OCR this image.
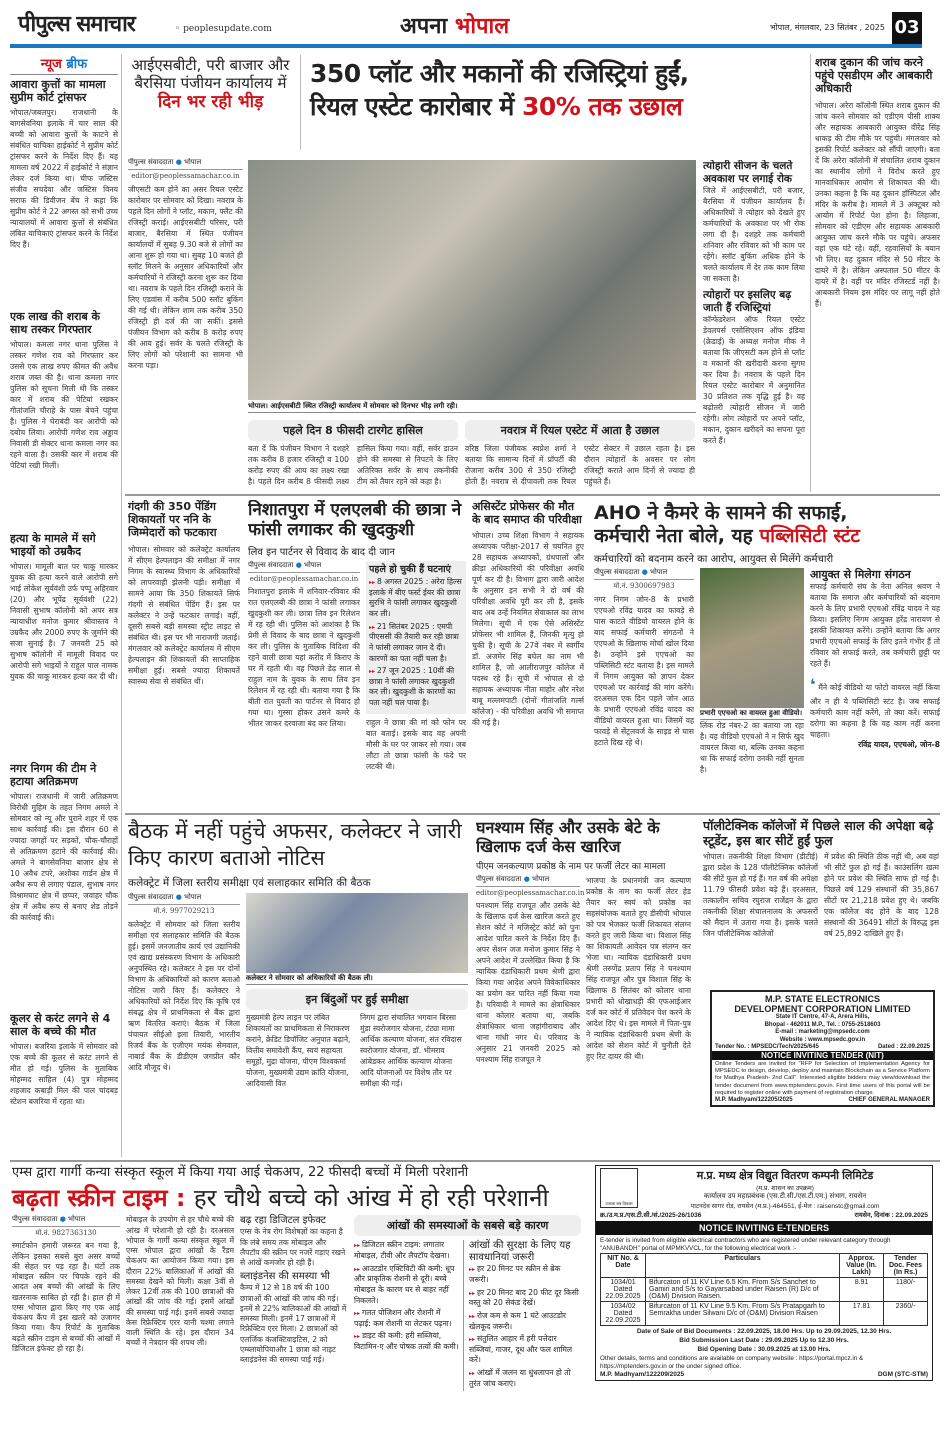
पीपुल्स समाचार	◦ peoplesupdate.com	अपना भोपाल	भोपाल, मंगलवार, 23 सितंबर , 2025 03
न्यूज ब्रीफ
आवारा कुत्तों का मामला सुप्रीम कोर्ट ट्रांसफर
भोपाल/जबलपुर। राजधानी के बागसेवनिया इलाके में चार साल की बच्ची को आवारा कुत्तों के काटने से संबंधित याचिका हाईकोर्ट ने सुप्रीम कोर्ट ट्रांसफर करने के निर्देश दिए हैं। यह मामला वर्ष 2022 में हाईकोर्ट ने संज्ञान लेकर दर्ज किया था। चीफ जस्टिस संजीव सचदेवा और जस्टिस विनय सराफ की डिवीजन बेंच ने कहा कि सुप्रीम कोर्ट ने 22 अगस्त को सभी उच्च न्यायालयों में आवारा कुत्तों से संबंधित लंबित याचिकाएं ट्रांसफर करने के निर्देश दिए हैं।
एक लाख की शराब के साथ तस्कर गिरफ्तार
भोपाल। कमला नगर थाना पुलिस ने तस्कर गणेश राव को गिरफ्तार कर उससे एक लाख रुपए कीमत की अवैध शराब जब्त की है। थाना कमला नगर पुलिस को सूचना मिली थी कि तस्कर कार में शराब की पेटियां रखकर गीतांजलि चौराहे के पास बेचने पहुंचा है। पुलिस ने घेराबंदी कर आरोपी को दबोच लिया। आरोपी गणेश राव अड्डाव निवासी डी सेक्टर थाना कमला नगर का रहने वाला है। उसकी कार में शराब की पेटियां रखी मिलीं।
हत्या के मामले में सगे भाइयों को उम्रकैद
भोपाल। मामूली बात पर चाकू मारकर युवक की हत्या करने वाले आरोपी सगे भाई लोकेश सूर्यवंशी उर्फ पप्पू अहिरवार (20) और भूपेंद्र सूर्यवंशी (22) निवासी सुभाष कॉलोनी को अपर सत्र न्यायाधीश मनोज कुमार श्रीवास्तव ने उम्रकैद और 2000 रुपए के जुर्माने की सजा सुनाई है। 7 जनवरी 25 को सुभाष कॉलोनी में मामूली विवाद पर आरोपी सगे भाइयों ने राहुल पाल नामक युवक की चाकू मारकर हत्या कर दी थी।
नगर निगम की टीम ने हटाया अतिक्रमण
भोपाल। राजधानी में जारी अतिक्रमण विरोधी मुहिम के तहत निगम अमले ने सोमवार को न्यू और पुराने शहर में एक साथ कार्रवाई की। इस दौरान 60 से ज्यादा जगहों पर सड़कों, चौक-चौराहों से अतिक्रमण हटाने की कार्रवाई की। अमले ने बागसेवनिया बाजार क्षेत्र से 10 अवैध टपरे, अशोका गार्डन क्षेत्र में अवैध रूप से लगाए पंडाल, सुभाष नगर विश्रामघाट क्षेत्र में छप्पर, जवाहर चौक क्षेत्र में अवैध रूप से बनाए शेड तोड़ने की कार्रवाई की।
कूलर से करंट लगने से 4 साल के बच्चे की मौत
भोपाल। बजरिया इलाके में सोमवार को एक बच्चे की कूलर से करंट लगने से मौत हो गई। पुलिस के मुताबिक मोहम्मद साहिल (4) पुत्र मोहम्मद शहजाद कबाड़ी मिल की पाल चांदबड़ स्टेशन बजरिया में रहता था।
आईएसबीटी, परी बाजार और बैरसिया पंजीयन कार्यालय में
दिन भर रही भीड़
350 प्लॉट और मकानों की रजिस्ट्रियां हुईं,
रियल एस्टेट कारोबार में 30% तक उछाल
पीपुल्स संवाददाता ● भोपाल
editor@peoplessamachar.co.in
जीएसटी कम होने का असर रियल एस्टेट कारोबार पर सोमवार को दिखा। नवरात्र के पहले दिन लोगों ने प्लॉट, मकान, फ्लैट की रजिस्ट्री कराई। आईएसबीटी परिसर, परी बाजार, बैरसिया में स्थित पंजीयन कार्यालयों में सुबह 9.30 बजे से लोगों का आना शुरू हो गया था। सुबह 10 बजते ही स्लॉट मिलने के अनुसार अधिकारियों और कर्मचारियों ने रजिस्ट्री करना शुरू कर दिया था। नवरात्र के पहले दिन रजिस्ट्री कराने के लिए एडवांस में करीब 500 स्लॉट बुकिंग की गई थी। लेकिन शाम तक करीब 350 रजिस्ट्री ही दर्ज की जा सकीं। इससे पंजीयन विभाग को करीब 8 करोड़ रुपए की आय हुई। सर्वर के चलते रजिस्ट्री के लिए लोगों को परेशानी का सामना भी करना पड़ा।
भोपाल। आईएसबीटी स्थित रजिस्ट्री कार्यालय में सोमवार को दिनभर भीड़ लगी रही।
पहले दिन 8 फीसदी टारगेट हासिल
बता दें कि पंजीयन विभाग ने दशहरे तक करीब 8 हजार रजिस्ट्री व 100 करोड़ रुपए की आय का लक्ष्य रखा है। पहले दिन करीब 8 फीसदी लक्ष्य हासिल किया गया। वहीं, सर्वर डाउन होने की समस्या से निपटने के लिए अतिरिक्त सर्वर के साथ तकनीकी टीम को तैयार रहने को कहा है।
नवरात्र में रियल एस्टेट में आता है उछाल
वरिष्ठ जिला पंजीयक स्वप्नेश शर्मा ने बताया कि सामान्य दिनों में प्रॉपर्टी की रोजाना करीब 300 से 350 रजिस्ट्री होती हैं। नवरात्र से दीपावली तक रियल एस्टेट सेक्टर में उछाल रहता है। इस दौरान त्योहारों के अवसर पर लोग रजिस्ट्री कराते आम दिनों से ज्यादा ही पहुंचते हैं।
त्योहारी सीजन के चलते अवकाश पर लगाई रोक
जिले में आईएसबीटी, परी बजार, बैरसिया में पंजीयन कार्यालय हैं। अधिकारियों ने त्योहार को देखते हुए कर्मचारियों के अवकाश पर भी रोक लगा दी है। दशहरे तक कर्मचारी शनिवार और रविवार को भी काम पर रहेंगे। स्लॉट बुकिंग अधिक होने के चलते कार्यालय में देर तक काम लिया जा सकता है।
त्योहारों पर इसलिए बढ़ जाती हैं रजिस्ट्रियां
कॉन्फेडरेशन ऑफ रियल एस्टेट डेवलपर्स एसोसिएशन ऑफ इंडिया (क्रेडाई) के अध्यक्ष मनोज मीक ने बताया कि जीएसटी कम होने से प्लॉट व मकानों की खरीदारी करना सुगम कर दिया है। नवरात्र के पहले दिन रियल एस्टेट कारोबार में अनुमानित 30 प्रतिशत तक वृद्धि हुई है। वह बढ़ोतरी त्योहारी सीजन में जारी रहेगी। लोग त्योहारों पर अपने प्लॉट, मकान, दुकान खरीदने का सपना पूरा करते हैं।
शराब दुकान की जांच करने पहुंचे एसडीएम और आबकारी अधिकारी
भोपाल। अरेरा कॉलोनी स्थित शराब दुकान की जांच करने सोमवार को एडीएम पीसी शाक्य और सहायक आबकारी आयुक्त वीरेंद्र सिंह धाकड़ की टीम मौके पर पहुंची। मंगलवार को इसकी रिपोर्ट कलेक्टर को सौंपी जाएगी। बता दें कि अरेरा कॉलोनी में संचालित शराब दुकान का स्थानीय लोगों ने विरोध करते हुए मानवाधिकार आयोग से शिकायत की थी। उनका कहना है कि यह दुकान हॉस्पिटल और मंदिर के करीब है। मामले में 3 अक्टूबर को आयोग में रिपोर्ट पेश होना है। लिहाजा, सोमवार को एडीएम और सहायक आबकारी आयुक्त जांच करने मौके पर पहुंचे। अफसर वहां एक घंटे रहे। वहीं, रहवासियों के बयान भी लिए। यह दुकान मंदिर से 50 मीटर के दायरे में है। लेकिन अस्पताल 50 मीटर के दायरे में है। वहीं पर मंदिर रजिस्टर्ड नहीं है। आबकारी नियम इस मंदिर पर लागू नहीं होते हैं।
गंदगी की 350 पेंडिंग शिकायतों पर ननि के जिम्मेदारों को फटकारा
भोपाल। सोमवार को कलेक्ट्रेट कार्यालय में सीएम हेल्पलाइन की समीक्षा में नगर निगम के स्वास्थ्य विभाग के अधिकारियों को लापरवाही झेलनी पड़ी। समीक्षा में सामने आया कि 350 शिकायतें सिर्फ गंदगी से संबंधित पेंडिंग हैं। इस पर कलेक्टर ने उन्हें फटकार लगाई। वहीं, दूसरी सबसे बड़ी समस्या स्ट्रीट लाइट से संबंधित थी। इस पर भी नाराजगी जताई। मंगलवार को कलेक्ट्रेट कार्यालय में सीएम हेल्पलाइन की शिकायतों की साप्ताहिक समीक्षा हुई। सबसे ज्यादा शिकायतें स्वास्थ्य सेवा से संबंधित थीं।
निशातपुरा में एलएलबी की छात्रा ने फांसी लगाकर की खुदकुशी
लिव इन पार्टनर से विवाद के बाद दी जान
पीपुल्स संवाददाता ● भोपाल
editor@peoplessamachar.co.in
निशातपुरा इलाके में शनिवार-रविवार की रात एलएलबी की छात्रा ने फांसी लगाकर खुदकुशी कर ली। छात्रा लिव इन रिलेशन में रह रही थी। पुलिस को आशंका है कि प्रेमी से विवाद के बाद छात्रा ने खुदकुशी कर ली। पुलिस के मुताबिक विदिशा की रहने वाली छात्रा यहां करोंद में किराए के घर में रहती थी। वह पिछले डेढ़ साल से राहुल नाम के युवक के साथ लिव इन रिलेशन में रह रही थी। बताया गया है कि बीती रात युवती का पार्टनर से विवाद हो गया था। गुस्सा होकर उसने कमरे के भीतर जाकर दरवाजा बंद कर लिया।
पहले हो चुकी हैं घटनाएं
▸▸ 8 अगस्त 2025 : अरेरा हिल्स इलाके में बीए फर्स्ट ईयर की छात्रा सुरभि ने फांसी लगाकर खुदकुशी कर ली।
▸▸ 21 सितंबर 2025 : एमपी पीएससी की तैयारी कर रही छात्रा ने फांसी लगाकर जान दे दी। कारणों का पता नहीं चला है।
▸▸ 27 जून 2025 : 10वीं की छात्रा ने फांसी लगाकर खुदकुशी कर ली। खुदकुशी के कारणों का पता नहीं चल पाया है।
राहुल ने छात्रा की मां को फोन पर बात बताई। इसके बाद वह अपनी मौसी के घर पर जाकर सो गया। जब लौटा तो छात्रा फांसी के फंदे पर लटकी थी।
असिस्टेंट प्रोफेसर की मौत के बाद समाप्त की परिवीक्षा
भोपाल। उच्च शिक्षा विभाग ने सहायक अध्यापक परीक्षा-2017 से चयनित हुए 28 सहायक अध्यापकों, ग्रंथपालों और क्रीड़ा अधिकारियों की परिवीक्षा अवधि पूर्ण कर दी है। विभाग द्वारा जारी आदेश के अनुसार इन सभी ने दो वर्ष की परिवीक्षा अवधि पूरी कर ली है, इसके बाद अब उन्हें नियमित सेवाकाल का लाभ मिलेगा। सूची में एक ऐसे असिस्टेंट प्रोफेसर भी शामिल हैं, जिनकी मृत्यु हो चुकी है। सूची के 27वें नंबर में स्वर्गीय डॉ. अजमेर सिंह बघेल का नाम भी शामिल है, जो आलीराजपुर कॉलेज में पदस्थ रहे हैं। सूची में भोपाल से दो सहायक अध्यापक नीता माहोर और नरेश बाबू मल्लमपाटी (दोनों गीतांजलि गर्ल्स कॉलेज) - की परिवीक्षा अवधि भी समाप्त की गई है।
AHO ने कैमरे के सामने की सफाई,
कर्मचारी नेता बोले, यह पब्लिसिटी स्टंट
कर्मचारियों को बदनाम करने का आरोप, आयुक्त से मिलेंगे कर्मचारी
पीपुल्स संवाददाता ● भोपाल
मो.नं. 9300697983
नगर निगम जोन-8 के प्रभारी एएचओ रविंद्र यादव का फावड़े से घास काटते वीडियो वायरल होने के बाद सफाई कर्मचारी संगठनों ने एएचओ के खिलाफ मोर्चा खोल दिया है। उन्होंने इसे एएचओ का पब्लिसिटी स्टंट बताया है। इस मामले में निगम आयुक्त को ज्ञापन देकर एएचओ पर कार्रवाई की मांग करेंगे। दरअसल एक दिन पहले जोन आठ के प्रभारी एएचओ रविंद्र यादव का वीडियो वायरल हुआ था। जिसमें वह फावड़े से सेंट्रलवर्ज के साइड से घास हटाते दिख रहे थे।
प्रभारी एएचओ का वायरल हुआ वीडियो।
लिंक रोड नंबर-2 का बताया जा रहा है। यह वीडियो एएचओ ने न सिर्फ खुद वायरल किया था, बल्कि उनका कहना था कि सफाई दरोगा उनकी नहीं सुनता है।
आयुक्त से मिलेगा संगठन
सफाई कर्मचारी संघ के नेता अनिल श्रवण ने बताया कि समाज और कर्मचारियों को बदनाम करने के लिए प्रभारी एएचओ रविंद्र यादव ने यह किया। इसलिए निगम आयुक्त हरेंद्र नारायण से इसकी शिकायत करेंगे। उन्होंने बताया कि अगर प्रभारी एएचओ सफाई के लिए इतने गंभीर हैं तो रविवार को सफाई करते, तब कर्मचारी छुट्टी पर रहते हैं।
❛ मैंने कोई वीडियो या फोटो वायरल नहीं किया और न ही ये पब्लिसिटी स्टंट है। जब सफाई कर्मचारी काम नहीं करेंगे, तो क्या करें। सफाई दरोगा का कहना है कि वह काम नहीं करना चाहता।
रविंद्र यादव, एएचओ, जोन-8
बैठक में नहीं पहुंचे अफसर, कलेक्टर ने जारी किए कारण बताओ नोटिस
कलेक्ट्रेट में जिला स्तरीय समीक्षा एवं सलाहकार समिति की बैठक
पीपुल्स संवाददाता ● भोपाल
मो.नं. 9977029213
कलेक्ट्रेट में सोमवार को जिला स्तरीय समीक्षा एवं सलाहकार समिति की बैठक हुई। इसमें जनजातीय कार्य एवं उद्यानिकी एवं खाद्य प्रसंस्करण विभाग के अधिकारी अनुपस्थित रहे। कलेक्टर ने इस पर दोनों विभाग के अधिकारियों को कारण बताओ नोटिस जारी किए हैं। कलेक्टर ने अधिकारियों को निर्देश दिए कि कृषि एवं संबद्ध क्षेत्र में प्राथमिकता से बैंक द्वारा ऋण वितरित कराएं। बैठक में जिला पंचायत सीईओ इला तिवारी, भारतीय रिजर्व बैंक के एजीएम मयंक सेमवाल, नाबार्ड बैंक के डीडीएम जगप्रीत कौर आदि मौजूद थे।
कलेक्टर ने सोमवार को अधिकारियों की बैठक ली।
इन बिंदुओं पर हुई समीक्षा
मुख्यमंत्री हेल्प लाइन पर लंबित शिकायतों का प्राथमिकता से निराकरण कराने, क्रेडिट डिपॉजिट अनुपात बढ़ाने, वित्तीय समावेशी कैंप, स्वयं सहायता समूहों, मुद्रा योजना, पीएम विश्वकर्मा योजना, मुख्यमंत्री उद्यम क्रांति योजना, आदिवासी वित
निगम द्वारा संचालित भगवान बिरसा मुंडा स्वरोजगार योजना, टंट्या मामा आर्थिक कल्याण योजना, संत रविदास स्वरोजगार योजना, डॉ. भीमराव आंबेडकर आर्थिक कल्याण योजना आदि योजनाओं पर विशेष तौर पर समीक्षा की गई।
घनश्याम सिंह और उसके बेटे के खिलाफ दर्ज केस खारिज
पीएम जनकल्याण प्रकोष्ठ के नाम पर फर्जी लेटर का मामला
पीपुल्स संवाददाता ● भोपाल
editor@peoplessamachar.co.in
घनश्याम सिंह राजपूत और उसके बेटे के खिलाफ दर्ज केस खारिज करते हुए सेशन कोर्ट ने मजिस्ट्रेट कोर्ट को पुनः आदेश पारित करने के निर्देश दिए हैं। अपर सेशन जज मनोज कुमार सिंह ने अपने आदेश में उल्लेखित किया है कि न्यायिक दंडाधिकारी प्रथम श्रेणी द्वारा किया गया आदेश अपने विवेकाधिकार का प्रयोग कर पारित नहीं किया गया है। परिवादी ने मामले का क्षेत्राधिकार थाना कोलार बताया था, जबकि क्षेत्राधिकार थाना जहांगीराबाद और थाना गांधी नगर थे। परिवाद के अनुसार 21 जनवरी 2025 को घनश्याम सिंह राजपूत ने
भाजपा के प्रधानमंत्री जन कल्याण प्रकोष्ठ के नाम का फर्जी लेटर हेड तैयार कर स्वयं को प्रकोष्ठ का सहसंयोजक बताते हुए डीसीपी भोपाल को पत्र भेजकर फर्जी शिकायत संलग्न करते हुए जारी किया था। विशाल सिंह का शिकायती आवेदन पत्र संलग्न कर भेजा था। न्यायिक दंडाधिकारी प्रथम श्रेणी तरुणेंद्र प्रताप सिंह ने घनश्याम सिंह राजपूत और पुत्र विशाल सिंह के खिलाफ 8 सितंबर को कोलार थाना प्रभारी को धोखाधड़ी की एफआईआर दर्ज कर कोर्ट में प्रतिवेदन पेश करने के आदेश दिए थे। इस मामले में पिता-पुत्र ने न्यायिक दंडाधिकारी प्रथम श्रेणी के आदेश को सेशन कोर्ट में चुनौती देते हुए रिट दायर की थी।
पॉलीटेक्निक कॉलेजों में पिछले साल की अपेक्षा बढ़े स्टूडेंट, इस बार सीटें हुईं फुल
भोपाल। तकनीकी शिक्षा विभाग (डीटीई) द्वारा प्रदेश के 128 पॉलीटेक्निक कॉलेजों की सीटें फुल हो गई हैं। गत वर्ष की अपेक्षा 11.79 फीसदी प्रवेश बढ़े हैं। दरअसल, तत्कालीन सचिव रघुराज राजेंद्रन के द्वारा तकनीकी शिक्षा संचालनालय के अफसरों को मैदान में उतारा गया है। इसके चलते जिन पॉलीटेक्निक कॉलेजों
में प्रवेश की स्थिति ठीक नहीं थी, अब वहां भी सीटें फुल हो गई हैं। काउंसलिंग खत्म होने पर प्रवेश की स्थिति साफ हो गई है। पिछले वर्ष 129 संस्थानों की 35,867 सीटों पर 21,218 प्रवेश हुए थे। जबकि एक कॉलेज बंद होने के बाद 128 संस्थानों की 36491 सीटों के विरुद्ध इस वर्ष 25,892 दाखिले हुए हैं।
M.P. STATE ELECTRONICS
DEVELOPMENT CORPORATION LIMITED
State IT Centre, 47-A, Arera Hills,
Bhopal - 462011 M.P., Tel. : 0755-2518603
E-mail : marketing@mpsedc.com
Website : www.mpsedc.gov.in
Tender No. : MPSEDC/Tech/2025/645	Dated : 22.09.2025
NOTICE INVITING TENDER (NIT)
Online Tenders are invited for "RFP for Selection of Implementation Agency for MPSEDC to design, develop, deploy and maintain Blockchain as a Service Platform for Madhya Pradesh- 2nd Call". Interested eligible bidders may view/download the tender document from www.mptenders.gov.in. First time users of this portal will be required to register online with payment of registration charge.
M.P. Madhyam/122205/2025	CHIEF GENERAL MANAGER
एम्स द्वारा गार्गी कन्या संस्कृत स्कूल में किया गया आई चेकअप, 22 फीसदी बच्चों में मिली परेशानी
बढ़ता स्क्रीन टाइम : हर चौथे बच्चे को आंख में हो रही परेशानी
पीपुल्स संवाददाता ● भोपाल
मो.नं. 9827363130
स्मार्टफोन हमारी जरूरत बन गया है, लेकिन इसका सबसे बुरा असर बच्चों की सेहत पर पड़ रहा है। घंटों तक मोबाइल स्क्रीन पर चिपके रहने की आदत अब बच्चों की आंखों के लिए खतरनाक साबित हो रही है। हाल ही में एम्स भोपाल द्वारा किए गए एक आई चेकअप कैंप में इस खतरे को उजागर किया गया। कैंप रिपोर्ट के मुताबिक बढ़ते स्क्रीन टाइम से बच्चों की आंखों में डिजिटल इफेक्ट हो रहा है।
मोबाइल के उपयोग से हर चौथे बच्चे की आंख में परेशानी हो रही है। दरअसल भोपाल के गार्गी कन्या संस्कृत स्कूल में एम्स भोपाल द्वारा आंखों के रैंडम चेकअप का आयोजन किया गया। इस दौरान 22% बालिकाओं में आंखों की समस्या देखने को मिली। कक्षा 3वीं से लेकर 12वीं तक की 100 छात्राओं की आंखों की जांच की गई। इसमें आंखों की समस्या पाई गई। इनमें सबसे ज्यादा केस रिफ्रेक्टिव एरर यानी चश्मा लगाने वाली स्थिति के रहे। इस दौरान 34 बच्चों ने नेत्रदान की शपथ ली।
बढ़ रहा डिजिटल इफेक्ट
एम्स के नेत्र रोग विशेषज्ञों का कहना है कि लंबे समय तक मोबाइल और लैपटॉप की स्क्रीन पर नजरें गड़ाए रखने से आंखें कमजोर हो रही हैं।
ब्लाइंडनेस की समस्या भी
कैम्प में 12 से 18 वर्ष की 100 छात्राओं की आंखों की जांच की गई। इनमें से 22% बालिकाओं की आंखों में समस्या मिली। इनमें 17 छात्राओं में रिफ्रेक्टिव एरर मिला। 2 छात्राओं को एलर्जिक कंजक्टिवाइटिस, 2 को एम्ब्लायोपियाऔर 1 छात्रा को नाइट ब्लाइंडनेस की समस्या पाई गई।
आंखों की समस्याओं के सबसे बड़े कारण
▸▸ डिजिटल स्क्रीन टाइम: लगातार मोबाइल, टीवी और लैपटॉप देखना।
▸▸ आउटडोर एक्टिविटी की कमी: धूप और प्राकृतिक रोशनी से दूरी। बच्चे मोबाइल के कारण घर से बाहर नहीं निकलते।
▸▸ गलत पोजिशन और रोशनी में पढ़ाई: कम रोशनी या लेटकर पढ़ना।
▸▸ डाइट की कमी: हरी सब्जियां, विटामिन-ए और पोषक तत्वों की कमी।
आंखों की सुरक्षा के लिए यह सावधानियां जरूरी
▸▸ हर 20 मिनट पर स्क्रीन से ब्रेक जरूरी।
▸▸ हर 20 मिनट बाद 20 फीट दूर किसी वस्तु को 20 सेकंड देखें।
▸▸ रोज कम से कम 1 घंटे आउटडोर खेलकूद जरूरी।
▸▸ संतुलित आहार में हरी पत्तेदार सब्जियां, गाजर, दूध और फल शामिल करें।
▸▸ आंखों में जलन या धुंधलापन हो तो तुरंत जांच कराएं।
उजाला सब विकास
म.प्र. मध्य क्षेत्र विद्युत वितरण कम्पनी लिमिटेड
(म.प्र. शासन का उपक्रम)
कार्यालय उप महाप्रबंधक (एस.टी.सी./एस.टी.एम.) संभाग, रायसेन
पाटनदेव सागर रोड, रायसेन (म.प्र.)-464551, ई-मेल : raisenstc@gmail.com
क्र./उ.म.प्र./एस.टी.सी./सं./2025-26/1036	रायसेन, दिनांक : 22.09.2025
NOTICE INVITING E-TENDERS
E-tender is invited from eligible electrical contractors who are registered under relevant category through "ANUBANDH" portal of MPMKVVCL, for the following electrical work :-
NIT No. & Date	Particulars	Approx. Value (In. Lakh)	Tender Doc. Fees (In Rs.)
1034/01 Dated 22.09.2025	Bifurcaton of 11 KV Line 6.5 Km. From S/s Sanchet to Gamiri and S/s to Gayarsabad under Raisen (R) D/c of (O&M) Division Raisen.	8.91	1180/-
1034/02 Dated 22.09.2025	Bifurcaton of 11 KV Line 9.5 Km. From S/s Pratapgarh to Semrakha under Silwani D/c of (O&M) Division Raisen	17.81	2360/-
Date of Sale of Bid Documents : 22.09.2025, 18.00 Hrs. Up to 29.09.2025, 12.30 Hrs.
Bid Submission Last Date : 29.09.2025 Up to 12.30 Hrs.
Bid Opening Date : 30.09.2025 at 13.00 Hrs.
Other details, terms and conditions are available on company website : https://portal.mpcz.in & https://mptenders.gov.in or the under signed office.
M.P. Madhyam/122209/2025	DGM (STC-STM)
